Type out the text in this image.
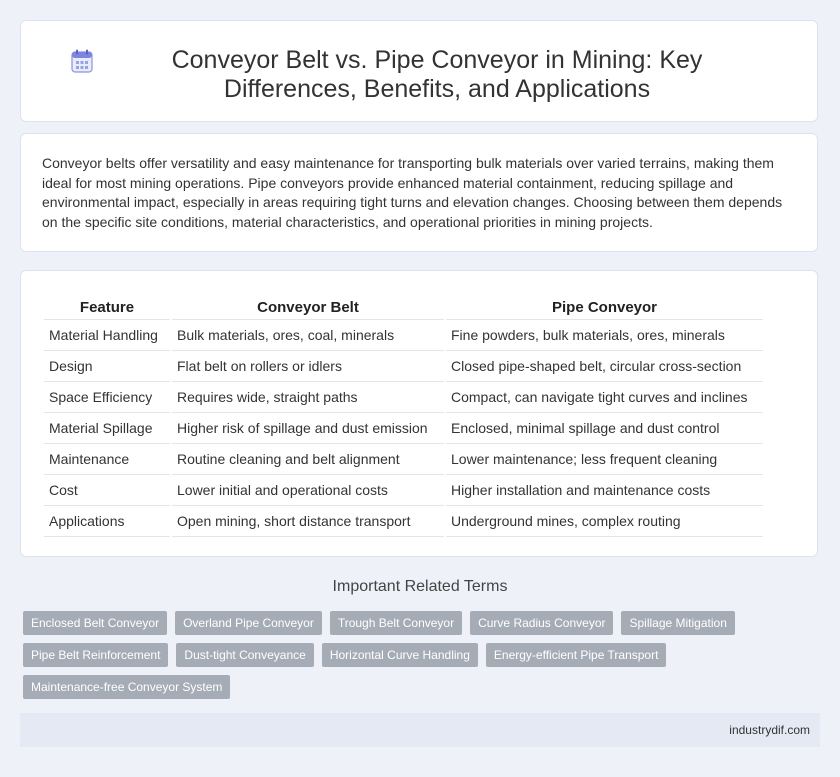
Conveyor Belt vs. Pipe Conveyor in Mining: Key Differences, Benefits, and Applications

Conveyor belts offer versatility and easy maintenance for transporting bulk materials over varied terrains, making them ideal for most mining operations. Pipe conveyors provide enhanced material containment, reducing spillage and environmental impact, especially in areas requiring tight turns and elevation changes. Choosing between them depends on the specific site conditions, material characteristics, and operational priorities in mining projects.

Feature	Conveyor Belt	Pipe Conveyor
Material Handling	Bulk materials, ores, coal, minerals	Fine powders, bulk materials, ores, minerals
Design	Flat belt on rollers or idlers	Closed pipe-shaped belt, circular cross-section
Space Efficiency	Requires wide, straight paths	Compact, can navigate tight curves and inclines
Material Spillage	Higher risk of spillage and dust emission	Enclosed, minimal spillage and dust control
Maintenance	Routine cleaning and belt alignment	Lower maintenance; less frequent cleaning
Cost	Lower initial and operational costs	Higher installation and maintenance costs
Applications	Open mining, short distance transport	Underground mines, complex routing
Important Related Terms
Enclosed Belt Conveyor	Overland Pipe Conveyor	Trough Belt Conveyor	Curve Radius Conveyor	Spillage Mitigation
Pipe Belt Reinforcement	Dust-tight Conveyance	Horizontal Curve Handling	Energy-efficient Pipe Transport
Maintenance-free Conveyor System
industrydif.com
